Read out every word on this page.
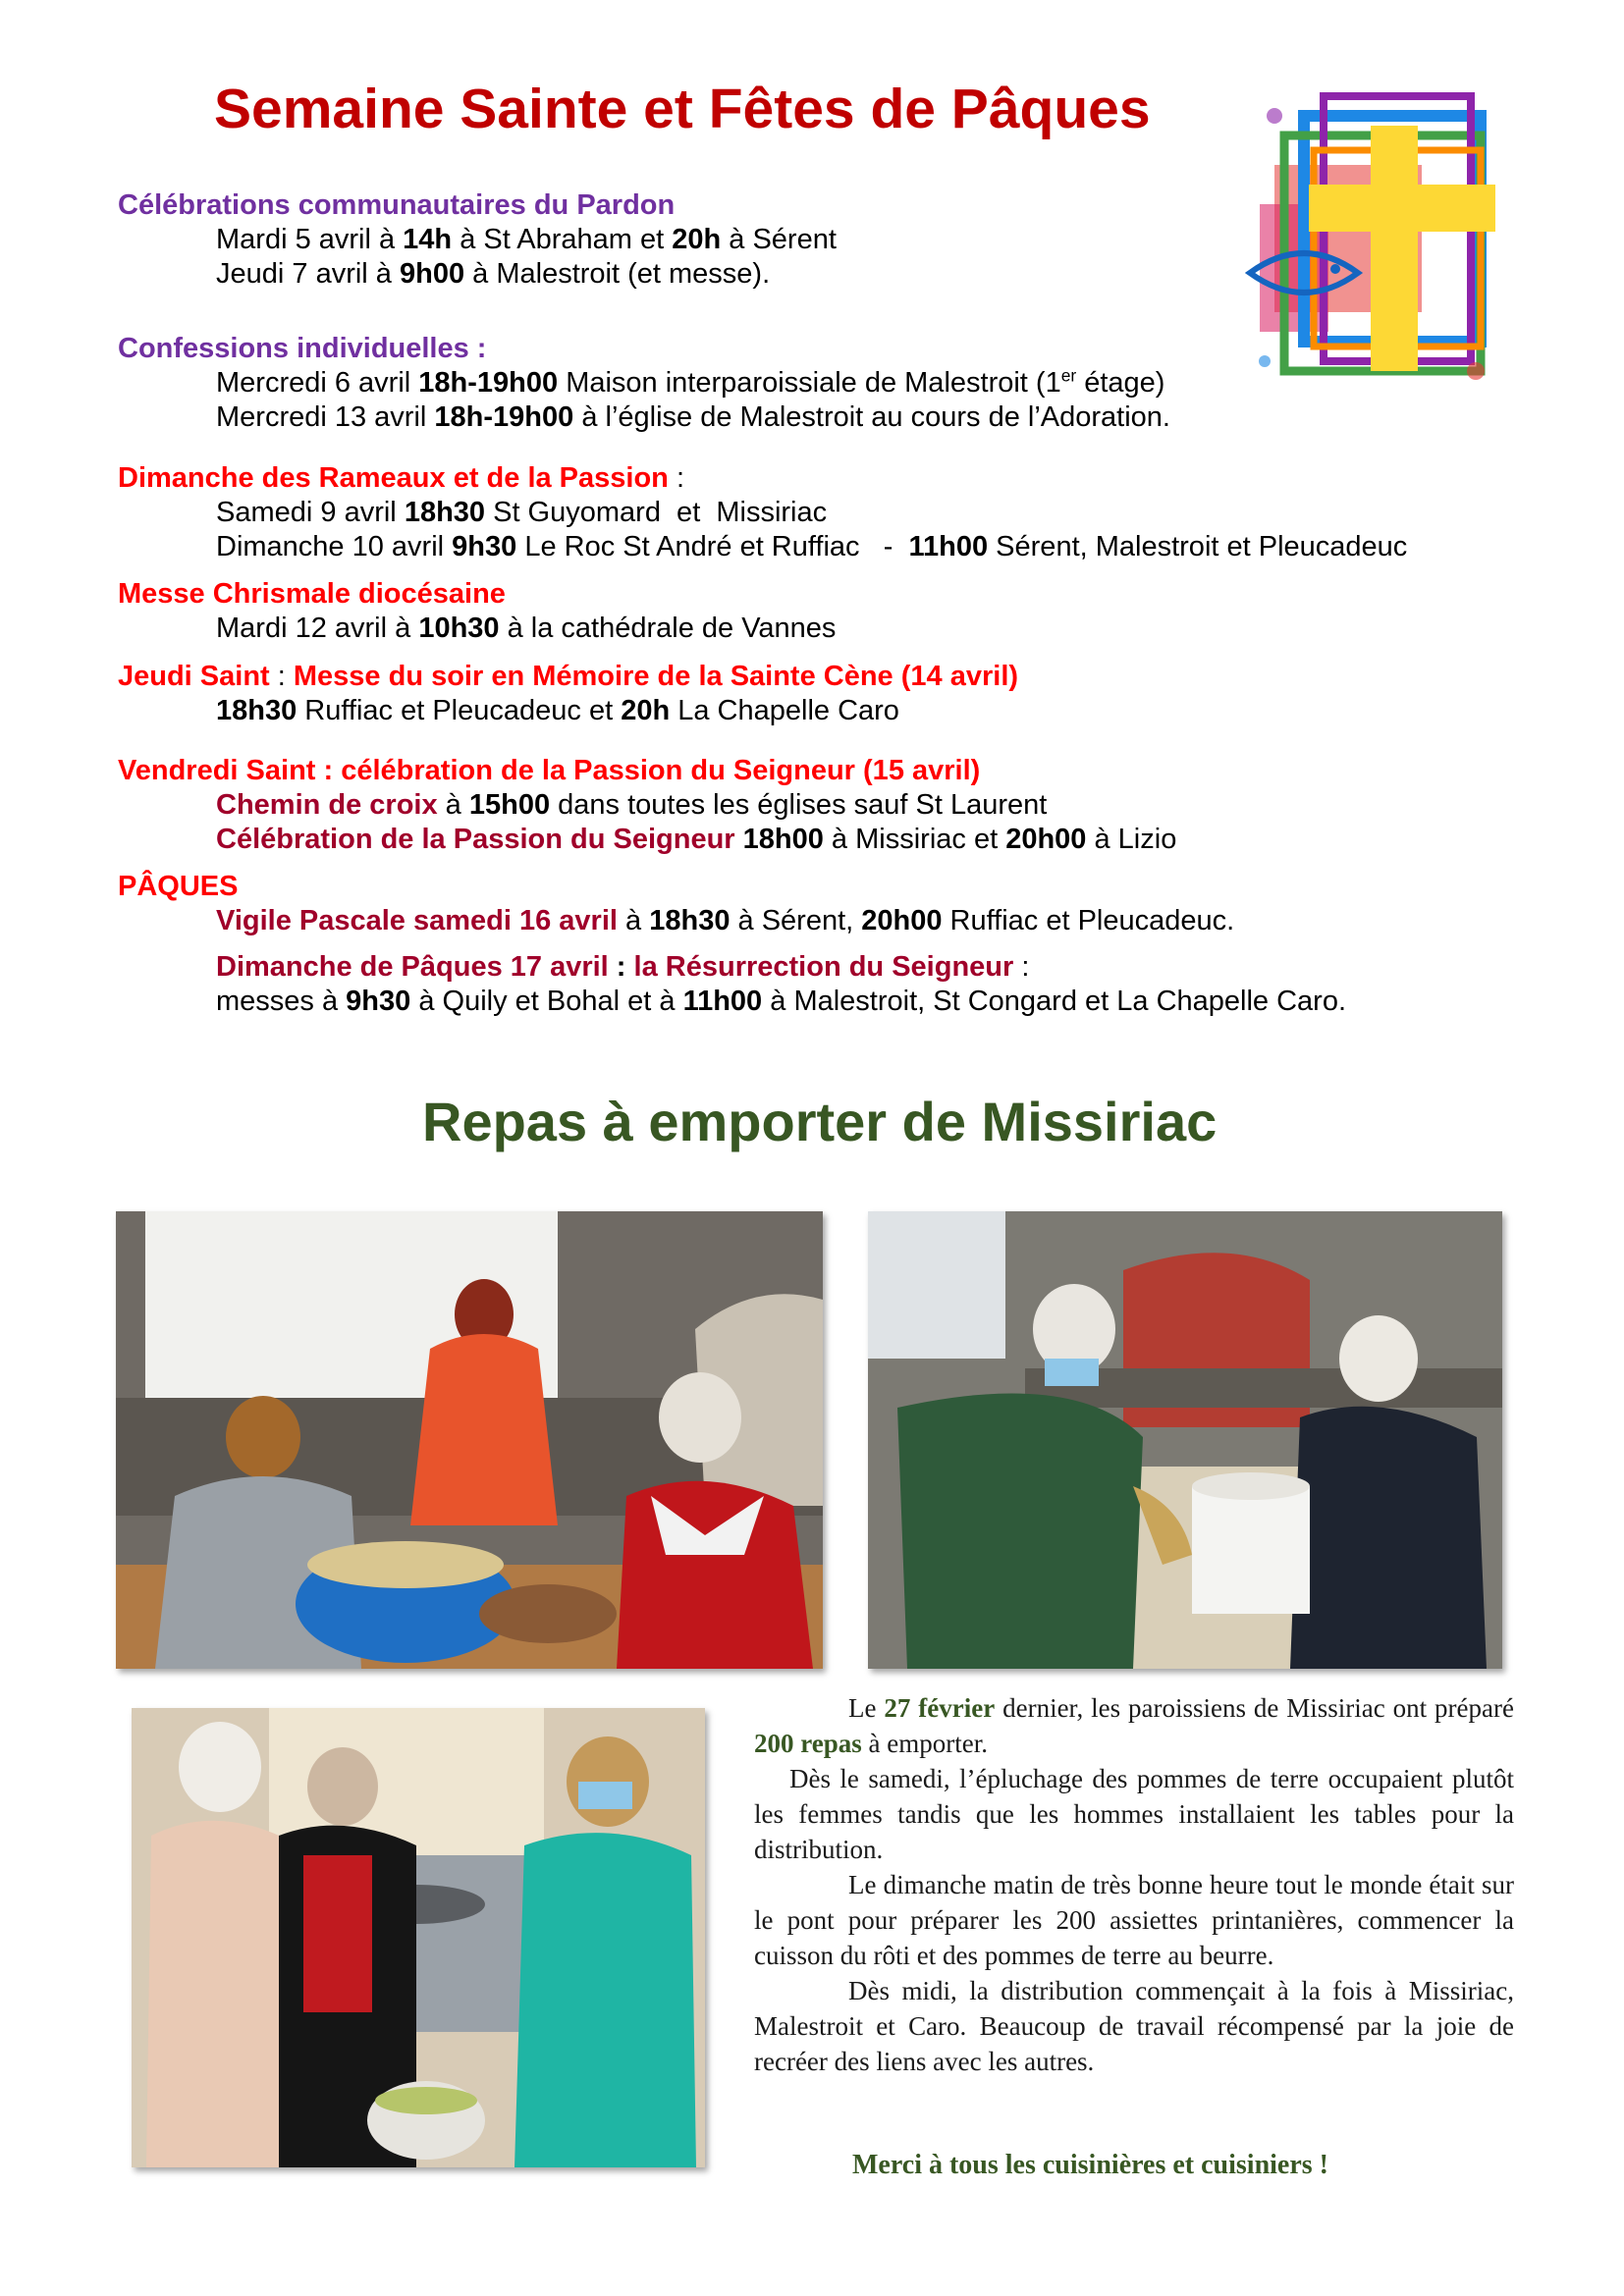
Semaine Sainte et Fêtes de Pâques
Célébrations communautaires du Pardon
Mardi 5 avril à 14h à St Abraham et 20h à Sérent
Jeudi 7 avril à 9h00 à Malestroit (et messe).
Confessions individuelles :
Mercredi 6 avril 18h-19h00 Maison interparoissiale de Malestroit (1er étage)
Mercredi 13 avril 18h-19h00 à l’église de Malestroit au cours de l’Adoration.
Dimanche des Rameaux et de la Passion :
Samedi 9 avril 18h30 St Guyomard  et  Missiriac
Dimanche 10 avril 9h30 Le Roc St André et Ruffiac   -  11h00 Sérent, Malestroit et Pleucadeuc
Messe Chrismale diocésaine
Mardi 12 avril à 10h30 à la cathédrale de Vannes
Jeudi Saint : Messe du soir en Mémoire de la Sainte Cène (14 avril)
18h30 Ruffiac et Pleucadeuc et 20h La Chapelle Caro
Vendredi Saint : célébration de la Passion du Seigneur (15 avril)
Chemin de croix à 15h00 dans toutes les églises sauf St Laurent
Célébration de la Passion du Seigneur 18h00 à Missiriac et 20h00 à Lizio
PÂQUES
Vigile Pascale samedi 16 avril à 18h30 à Sérent, 20h00 Ruffiac et Pleucadeuc.
Dimanche de Pâques 17 avril : la Résurrection du Seigneur :
messes à 9h30 à Quily et Bohal et à 11h00 à Malestroit, St Congard et La Chapelle Caro.
Repas à emporter de Missiriac

Le 27 février dernier, les paroissiens de Missiriac ont préparé 200 repas à emporter.

Dès le samedi, l’épluchage des pommes de terre occupaient plutôt les femmes tandis que les hommes installaient les tables pour la distribution.

Le dimanche matin de très bonne heure tout le monde était sur le pont pour préparer les 200 assiettes printanières, commencer la cuisson du rôti et des pommes de terre au beurre.

Dès midi, la distribution commençait à la fois à Missiriac, Malestroit et Caro. Beaucoup de travail récompensé par la joie de recréer des liens avec les autres.

Merci à tous les cuisinières et cuisiniers !
